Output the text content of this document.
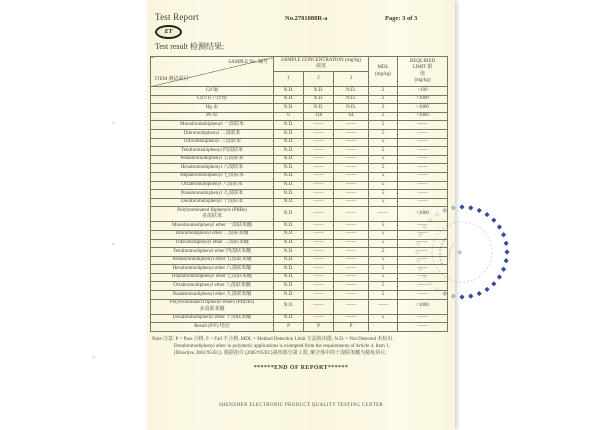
Test Report
ET
No.2701088R-a	Page: 3 of 3
Test result 检测结果:
SAMPLE No. 编号
ITEM 测试项目	SAMPLE CONCENTRATION (mg/kg)
浓度			MDL
(mg/kg)	REQUIRED
LIMIT 限
值
(mg/kg)
	1	2	3		
Cd 镉	N.D.	N.D.	N.D.	2	<100
Cr(VI) 六价铬	N.D.	N.D.	N.D.	2	<1000
Hg 汞	N.D.	N.D.	N.D.	2	<1000
Pb 铅	6	118	64	2	<1000
Monobromobiphenyl 一溴联苯	N.D.	——	——	5	——
Dibromobiphenyl 二溴联苯	N.D.	——	——	5	——
Tribromobiphenyl 三溴联苯	N.D.	——	——	5	——
Tetrabromobiphenyl 四溴联苯	N.D.	——	——	5	——
Pentabromobiphenyl 五溴联苯	N.D.	——	——	5	——
Hexabromobiphenyl 六溴联苯	N.D.	——	——	5	——
Heptabromobiphenyl 七溴联苯	N.D.	——	——	5	——
Octabromobiphenyl 八溴联苯	N.D.	——	——	5	——
Nonabromobiphenyl 九溴联苯	N.D.	——	——	5	——
Decabromobiphenyl 十溴联苯	N.D.	——	——	5	——
Polybrominated Biphenyls (PBBs)
多溴联苯	N.D.	——	——	——	<1000
Monobromodiphenyl ether 一溴联苯醚	N.D.	——	——	5	——
Dibromodiphenyl ether 二溴联苯醚	N.D.	——	——	5	——
Tribromodiphenyl ether 三溴联苯醚	N.D.	——	——	5	——
Tetrabromodiphenyl ether 四溴联苯醚	N.D.	——	——	5	——
Pentabromodiphenyl ether 五溴联苯醚	N.D.	——	——	5	——
Hexabromodiphenyl ether 六溴联苯醚	N.D.	——	——	5	——
Heptabromodiphenyl ether 七溴联苯醚	N.D.	——	——	5	——
Octabromodiphenyl ether 八溴联苯醚	N.D.	——	——	5	——
Nonabromodiphenyl ether 九溴联苯醚	N.D.	——	——	5	——
Polybrominated Diphenyl ethers (PBDEs)
多溴联苯醚	N.D.	——	——	——	<1000
Decabromodiphenyl ether 十溴联苯醚	N.D.	——	——	5	——
Result (P/F) 结论	P	P	P		——
Note 注意: P = Pass 合格, F = Fail 不合格, MDL = Method Detection Limit 方法检出限, N.D. = Not Detected 未检出.
Decabromodiphenyl ether in polymeric applications is exempted from the requirements of Article 4, Item 1,
(Directive 2002/95/EC). 根据指令 (2002/95/EC)第四部分第 1 款, 聚合体中的十溴联苯醚为豁免项目。
******END OF REPORT******
SHENZHEN ELECTRONIC PRODUCT QUALITY TESTING CENTER
★
